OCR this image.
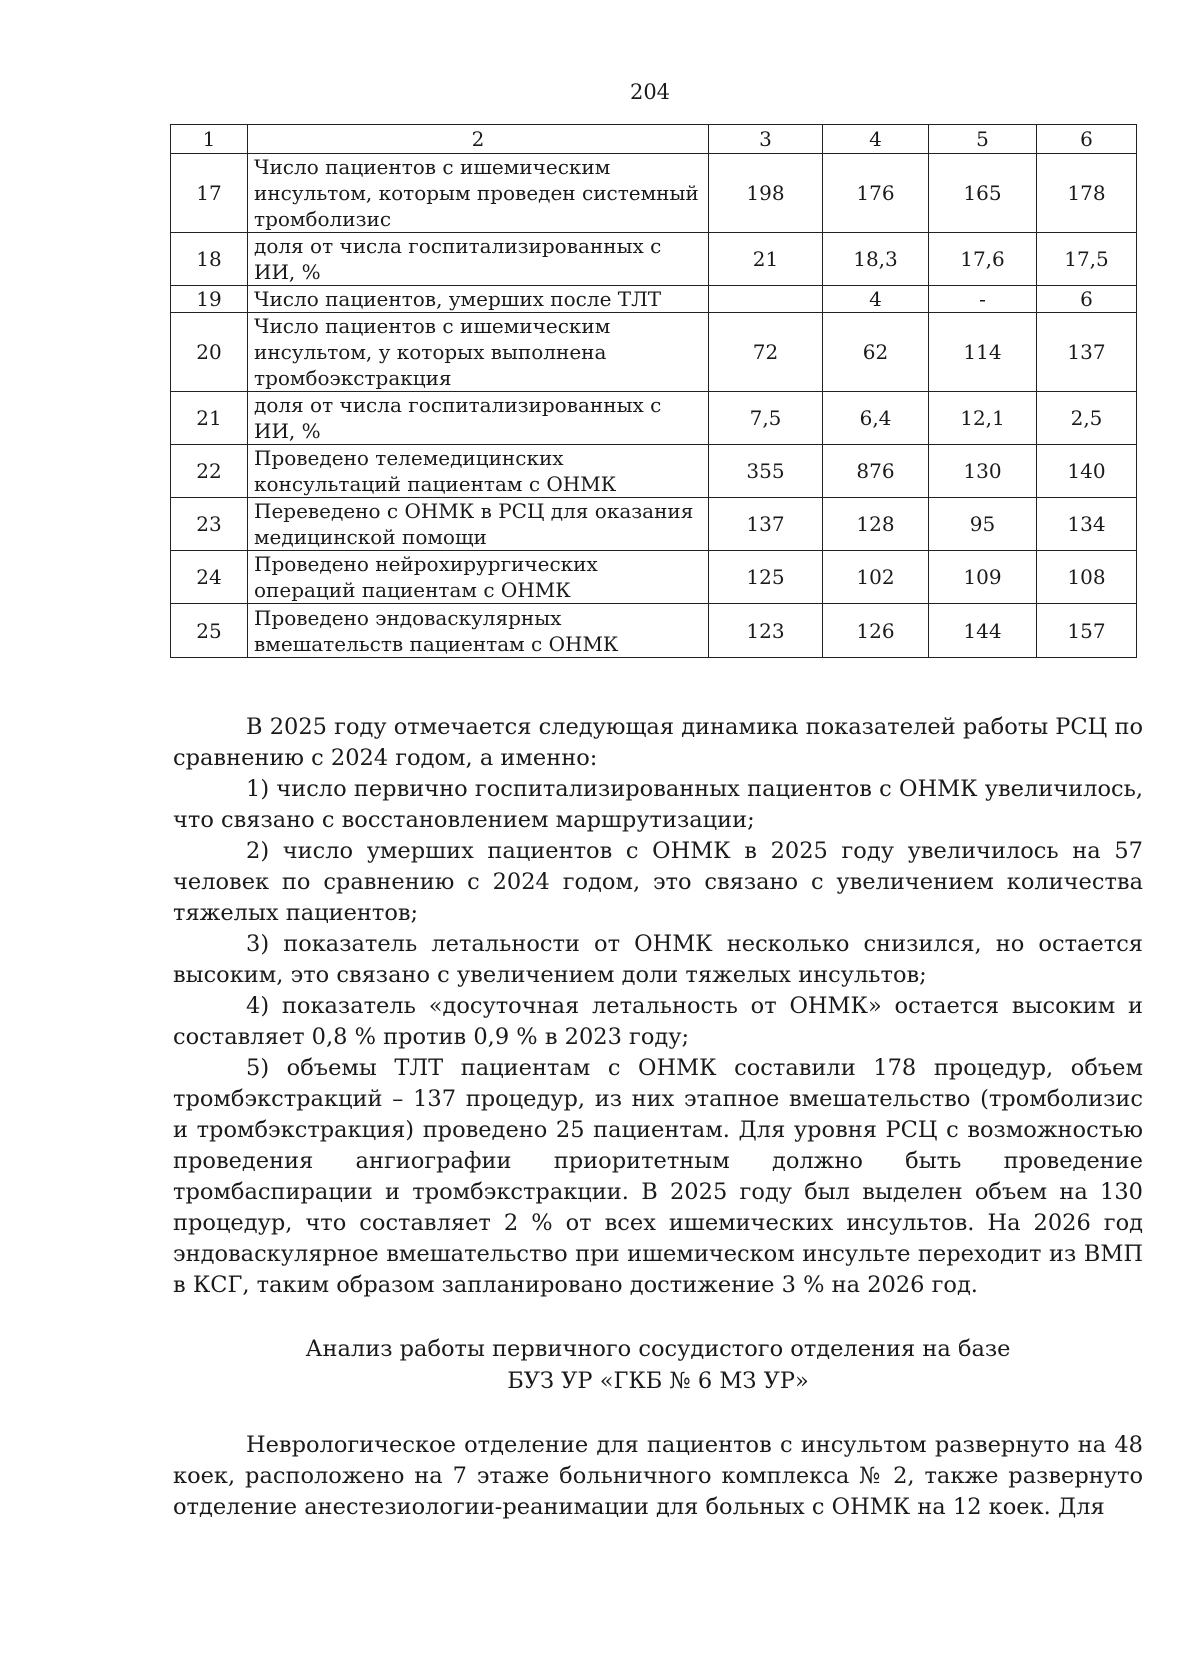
204
1	2	3	4	5	6
17	Число пациентов с ишемическим инсультом, которым проведен системный тромболизис	198	176	165	178
18	доля от числа госпитализированных с ИИ, %	21	18,3	17,6	17,5
19	Число пациентов, умерших после ТЛТ		4	-	6
20	Число пациентов с ишемическим инсультом, у которых выполнена тромбоэкстракция	72	62	114	137
21	доля от числа госпитализированных с ИИ, %	7,5	6,4	12,1	2,5
22	Проведено телемедицинских консультаций пациентам с ОНМК	355	876	130	140
23	Переведено с ОНМК в РСЦ для оказания медицинской помощи	137	128	95	134
24	Проведено нейрохирургических операций пациентам с ОНМК	125	102	109	108
25	Проведено эндоваскулярных вмешательств пациентам с ОНМК	123	126	144	157

В 2025 году отмечается следующая динамика показателей работы РСЦ по сравнению с 2024 годом, а именно:

1) число первично госпитализированных пациентов с ОНМК увеличилось, что связано с восстановлением маршрутизации;

2) число умерших пациентов с ОНМК в 2025 году увеличилось на 57 человек по сравнению с 2024 годом, это связано с увеличением количества тяжелых пациентов;

3) показатель летальности от ОНМК несколько снизился, но остается высоким, это связано с увеличением доли тяжелых инсультов;

4) показатель «досуточная летальность от ОНМК» остается высоким и составляет 0,8 % против 0,9 % в 2023 году;

5) объемы ТЛТ пациентам с ОНМК составили 178 процедур, объем тромбэкстракций – 137 процедур, из них этапное вмешательство (тромболизис и тромбэкстракция) проведено 25 пациентам. Для уровня РСЦ с возможностью проведения ангиографии приоритетным должно быть проведение тромбаспирации и тромбэкстракции. В 2025 году был выделен объем на 130 процедур, что составляет 2 % от всех ишемических инсультов. На 2026 год эндоваскулярное вмешательство при ишемическом инсульте переходит из ВМП в КСГ, таким образом запланировано достижение 3 % на 2026 год.

Анализ работы первичного сосудистого отделения на базе
БУЗ УР «ГКБ № 6 МЗ УР»

Неврологическое отделение для пациентов с инсультом развернуто на 48 коек, расположено на 7 этаже больничного комплекса № 2, также развернуто отделение анестезиологии-реанимации для больных с ОНМК на 12 коек. Для
